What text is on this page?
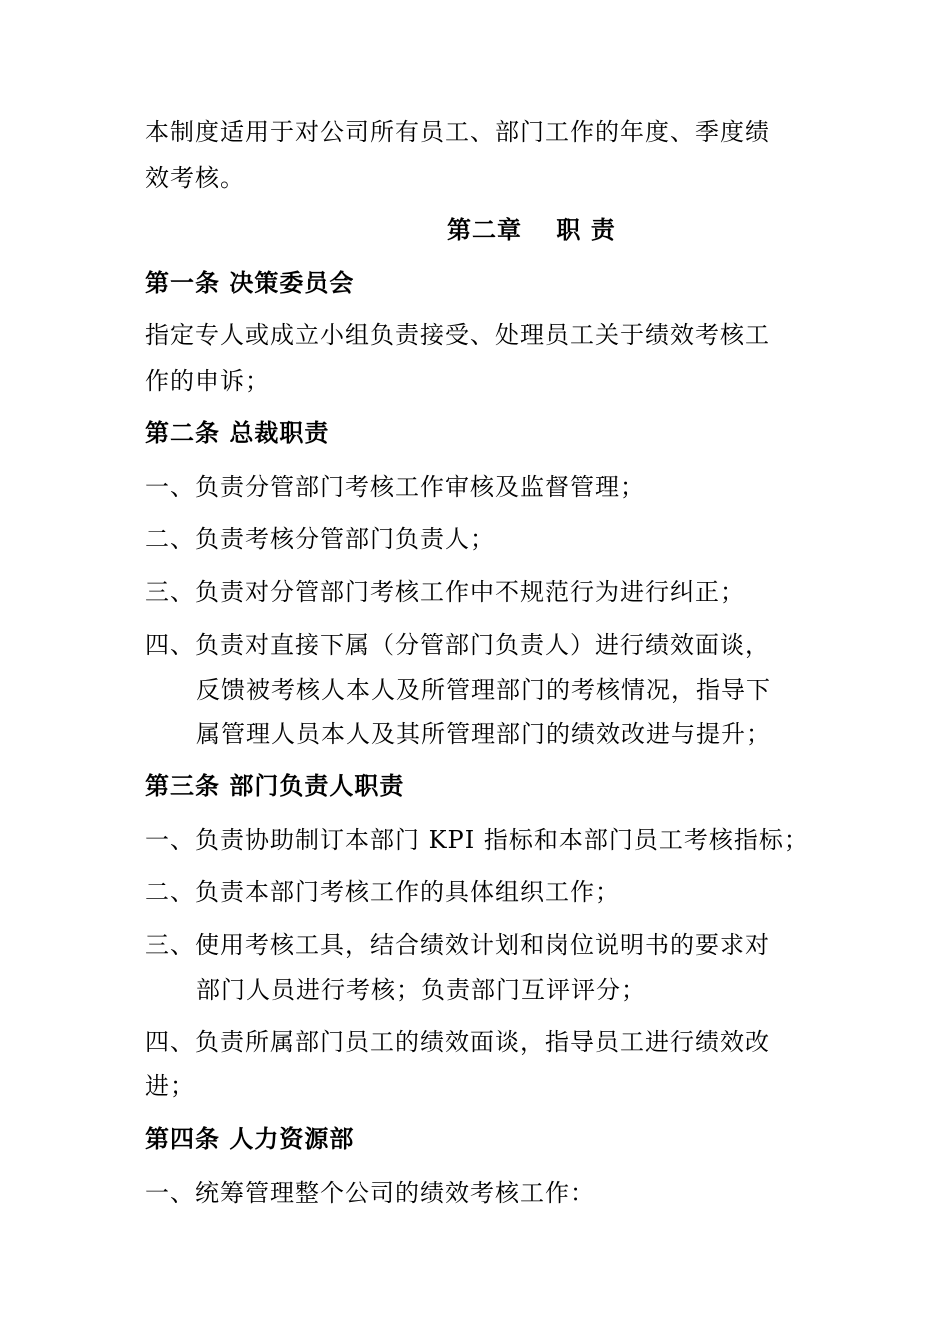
本制度适用于对公司所有员工、部门工作的年度、季度绩
效考核。
第二章　 职 责
第一条 决策委员会
指定专人或成立小组负责接受、处理员工关于绩效考核工
作的申诉；
第二条 总裁职责
一、负责分管部门考核工作审核及监督管理；
二、负责考核分管部门负责人；
三、负责对分管部门考核工作中不规范行为进行纠正；
四、负责对直接下属（分管部门负责人）进行绩效面谈，
反馈被考核人本人及所管理部门的考核情况，指导下
属管理人员本人及其所管理部门的绩效改进与提升；
第三条 部门负责人职责
一、负责协助制订本部门 KPI 指标和本部门员工考核指标；
二、负责本部门考核工作的具体组织工作；
三、使用考核工具，结合绩效计划和岗位说明书的要求对
部门人员进行考核；负责部门互评评分；
四、负责所属部门员工的绩效面谈，指导员工进行绩效改
进；
第四条 人力资源部
一、统筹管理整个公司的绩效考核工作：
